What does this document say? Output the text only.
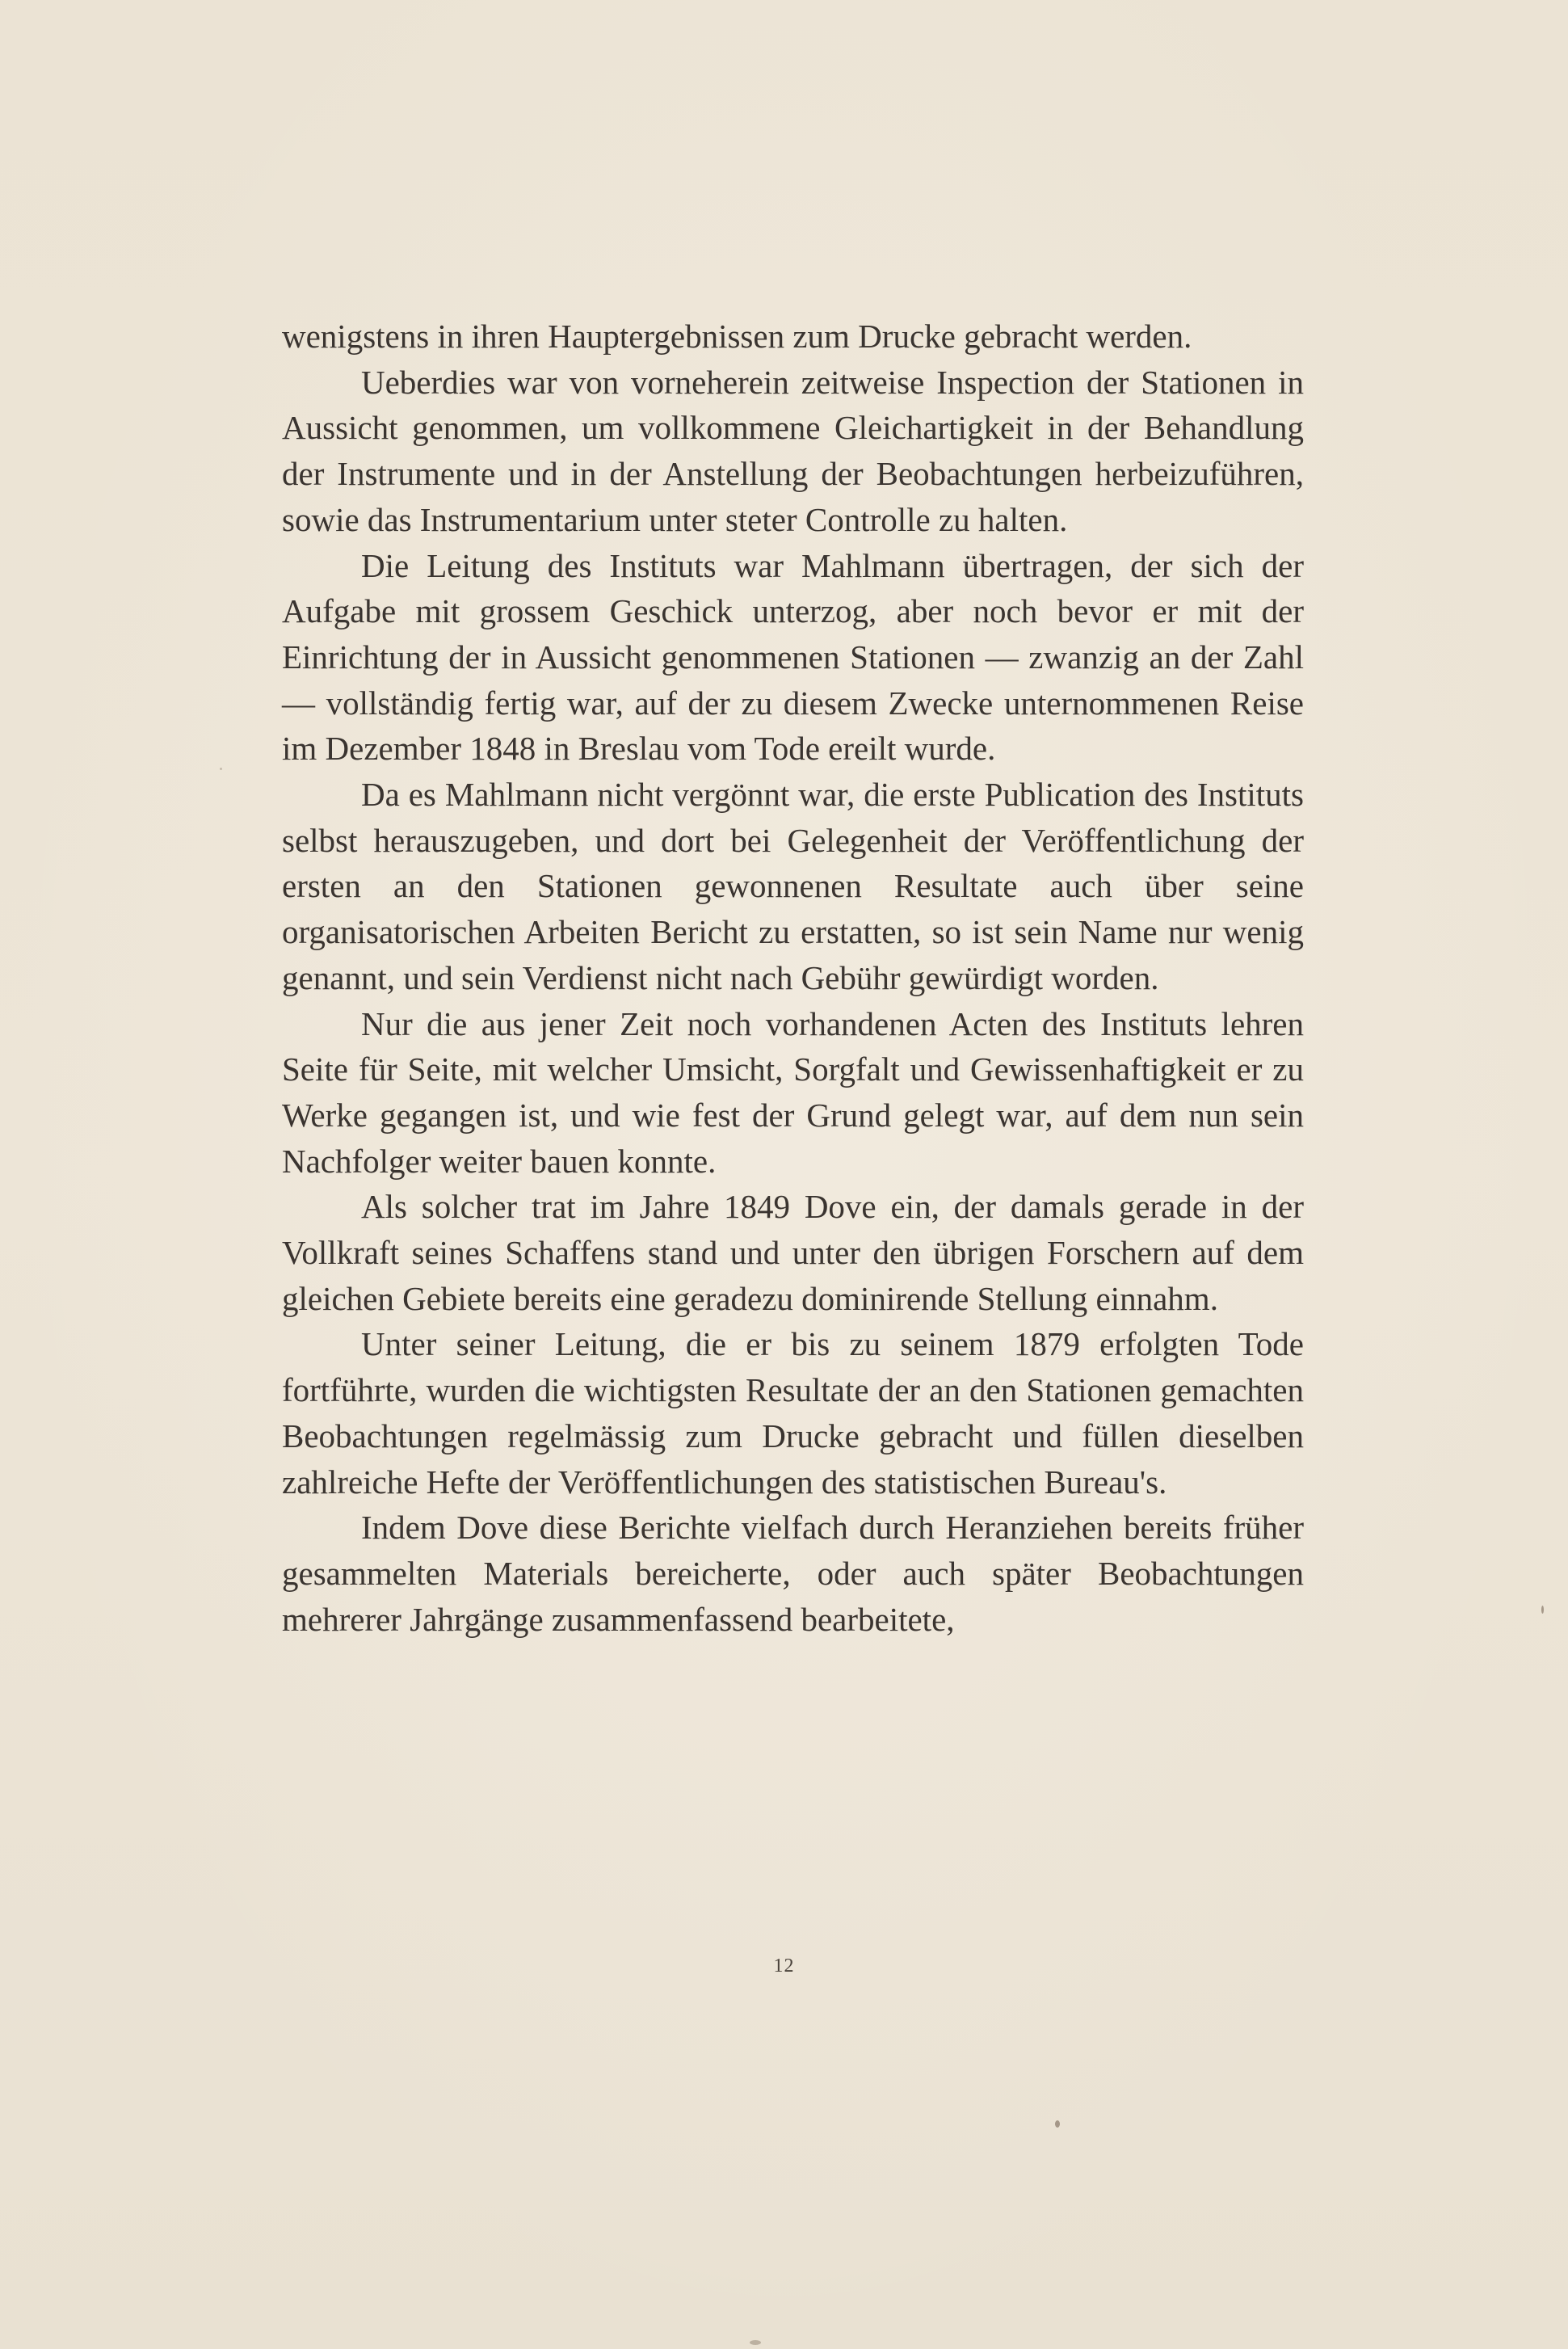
wenigstens in ihren Hauptergebnissen zum Drucke gebracht werden.

Ueberdies war von vorneherein zeitweise Inspection der Stationen in Aussicht genommen, um vollkommene Gleichartigkeit in der Behandlung der Instrumente und in der Anstellung der Beobachtungen herbeizuführen, sowie das Instrumentarium unter steter Controlle zu halten.

Die Leitung des Instituts war Mahlmann übertragen, der sich der Aufgabe mit grossem Geschick unterzog, aber noch bevor er mit der Einrichtung der in Aussicht genommenen Stationen — zwanzig an der Zahl — vollständig fertig war, auf der zu diesem Zwecke unternommenen Reise im Dezember 1848 in Breslau vom Tode ereilt wurde.

Da es Mahlmann nicht vergönnt war, die erste Publication des Instituts selbst herauszugeben, und dort bei Gelegenheit der Veröffentlichung der ersten an den Stationen gewonnenen Resultate auch über seine organisatorischen Arbeiten Bericht zu erstatten, so ist sein Name nur wenig genannt, und sein Verdienst nicht nach Gebühr gewürdigt worden.

Nur die aus jener Zeit noch vorhandenen Acten des Instituts lehren Seite für Seite, mit welcher Umsicht, Sorgfalt und Gewissenhaftigkeit er zu Werke gegangen ist, und wie fest der Grund gelegt war, auf dem nun sein Nachfolger weiter bauen konnte.

Als solcher trat im Jahre 1849 Dove ein, der damals gerade in der Vollkraft seines Schaffens stand und unter den übrigen Forschern auf dem gleichen Gebiete bereits eine geradezu dominirende Stellung einnahm.

Unter seiner Leitung, die er bis zu seinem 1879 erfolgten Tode fortführte, wurden die wichtigsten Resultate der an den Stationen gemachten Beobachtungen regelmässig zum Drucke gebracht und füllen dieselben zahlreiche Hefte der Veröffentlichungen des statistischen Bureau's.

Indem Dove diese Berichte vielfach durch Heranziehen bereits früher gesammelten Materials bereicherte, oder auch später Beobachtungen mehrerer Jahrgänge zusammenfassend bearbeitete,

12
